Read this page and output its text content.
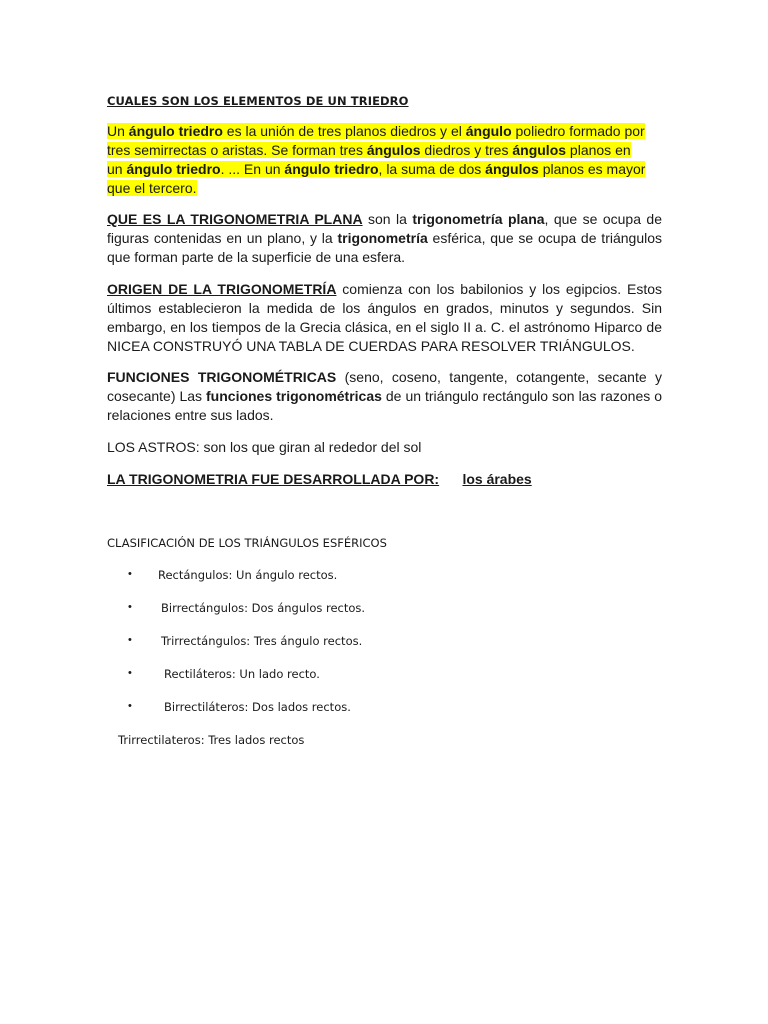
CUALES SON LOS ELEMENTOS DE UN TRIEDRO
Un ángulo triedro es la unión de tres planos diedros y el ángulo poliedro formado por
tres semirrectas o aristas. Se forman tres ángulos diedros y tres ángulos planos en
un ángulo triedro. ... En un ángulo triedro, la suma de dos ángulos planos es mayor
que el tercero.
QUE ES LA TRIGONOMETRIA PLANA son la trigonometría plana, que se ocupa de figuras contenidas en un plano, y la trigonometría esférica, que se ocupa de triángulos que forman parte de la superficie de una esfera.
ORIGEN DE LA TRIGONOMETRÍA comienza con los babilonios y los egipcios. Estos últimos establecieron la medida de los ángulos en grados, minutos y segundos. Sin embargo, en los tiempos de la Grecia clásica, en el siglo II a. C. el astrónomo Hiparco de NICEA CONSTRUYÓ UNA TABLA DE CUERDAS PARA RESOLVER TRIÁNGULOS.
FUNCIONES TRIGONOMÉTRICAS (seno, coseno, tangente, cotangente, secante y cosecante) Las funciones trigonométricas de un triángulo rectángulo son las razones o relaciones entre sus lados.
LOS ASTROS: son los que giran al rededor del sol
LA TRIGONOMETRIA FUE DESARROLLADA POR: los árabes
CLASIFICACIÓN DE LOS TRIÁNGULOS ESFÉRICOS
• Rectángulos: Un ángulo rectos.
•	Birrectángulos: Dos ángulos rectos.
•	Trirrectángulos: Tres ángulo rectos.
•	Rectiláteros: Un lado recto.
•	Birrectiláteros: Dos lados rectos.
Trirrectilateros: Tres lados rectos
